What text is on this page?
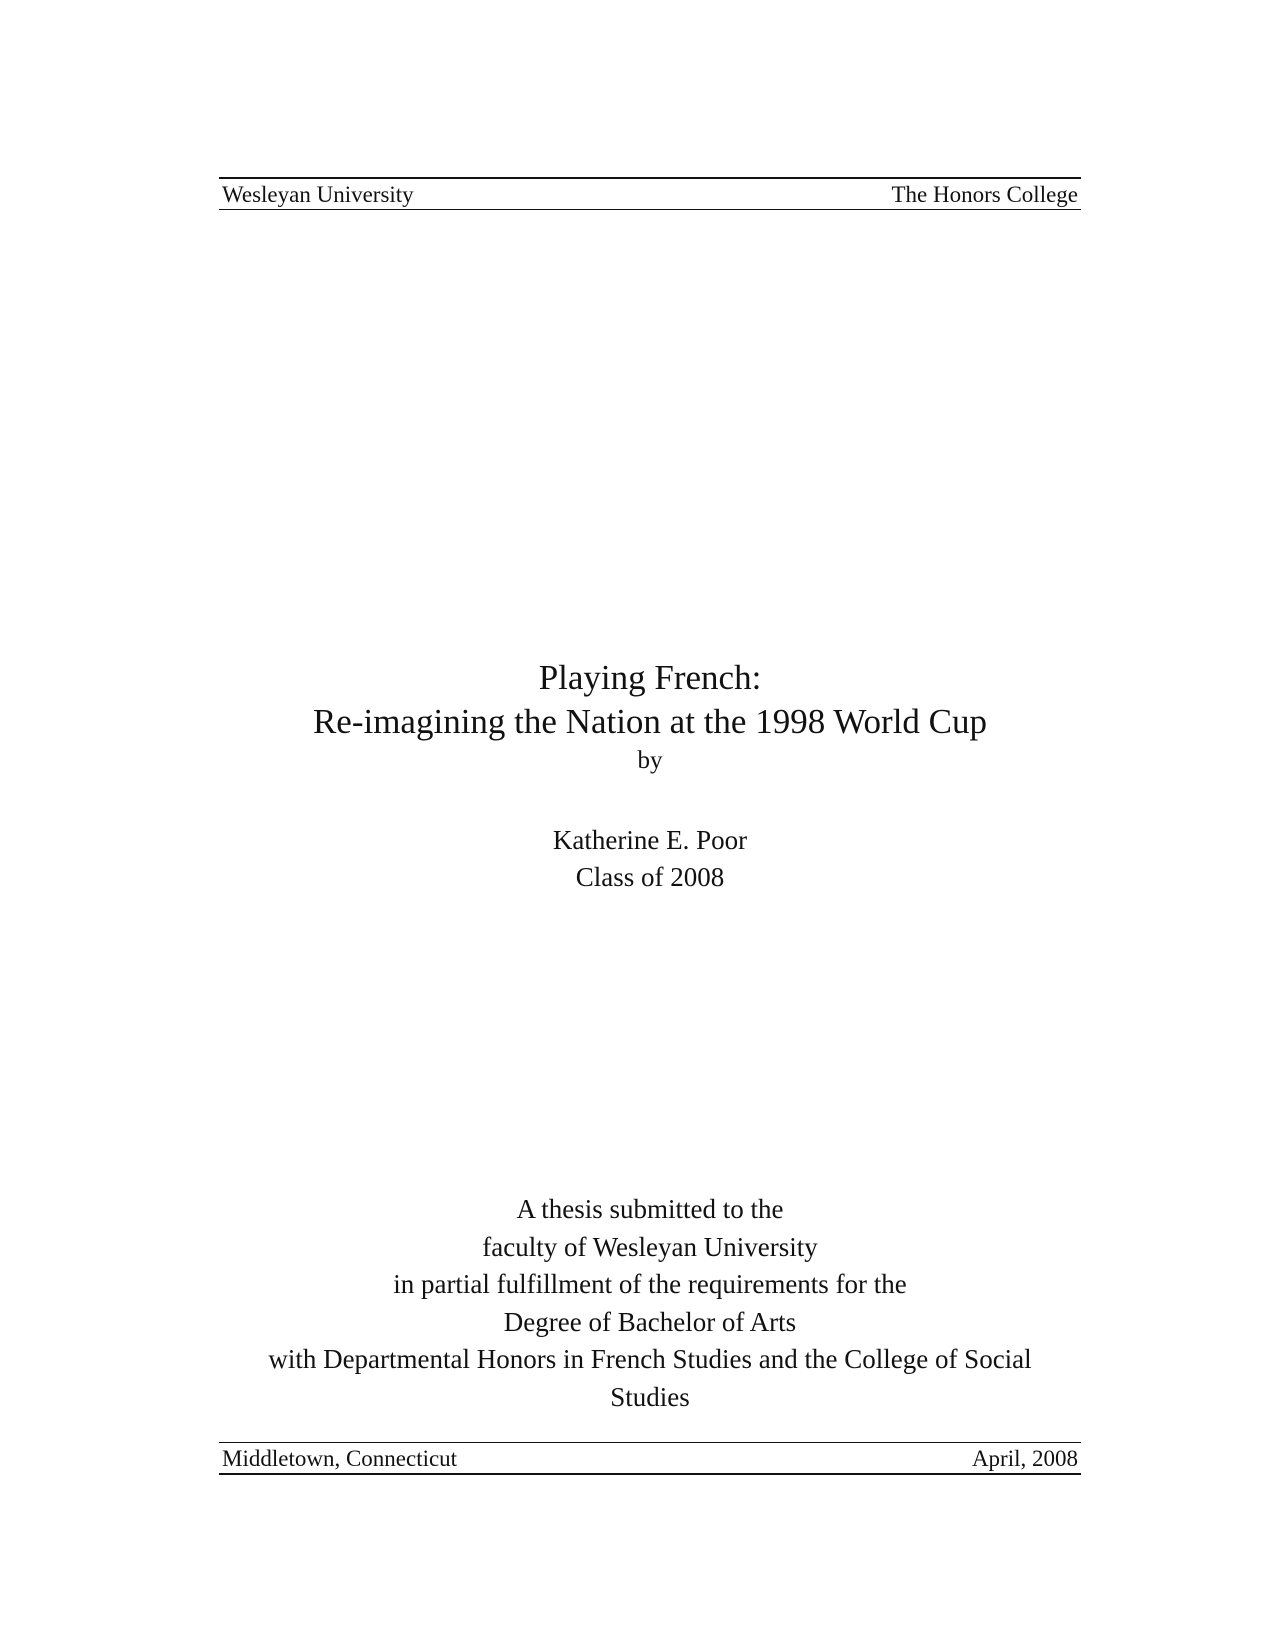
Wesleyan University	The Honors College
Playing French:
Re-imagining the Nation at the 1998 World Cup
by
Katherine E. Poor
Class of 2008
A thesis submitted to the
faculty of Wesleyan University
in partial fulfillment of the requirements for the
Degree of Bachelor of Arts
with Departmental Honors in French Studies and the College of Social
Studies
Middletown, Connecticut	April, 2008
